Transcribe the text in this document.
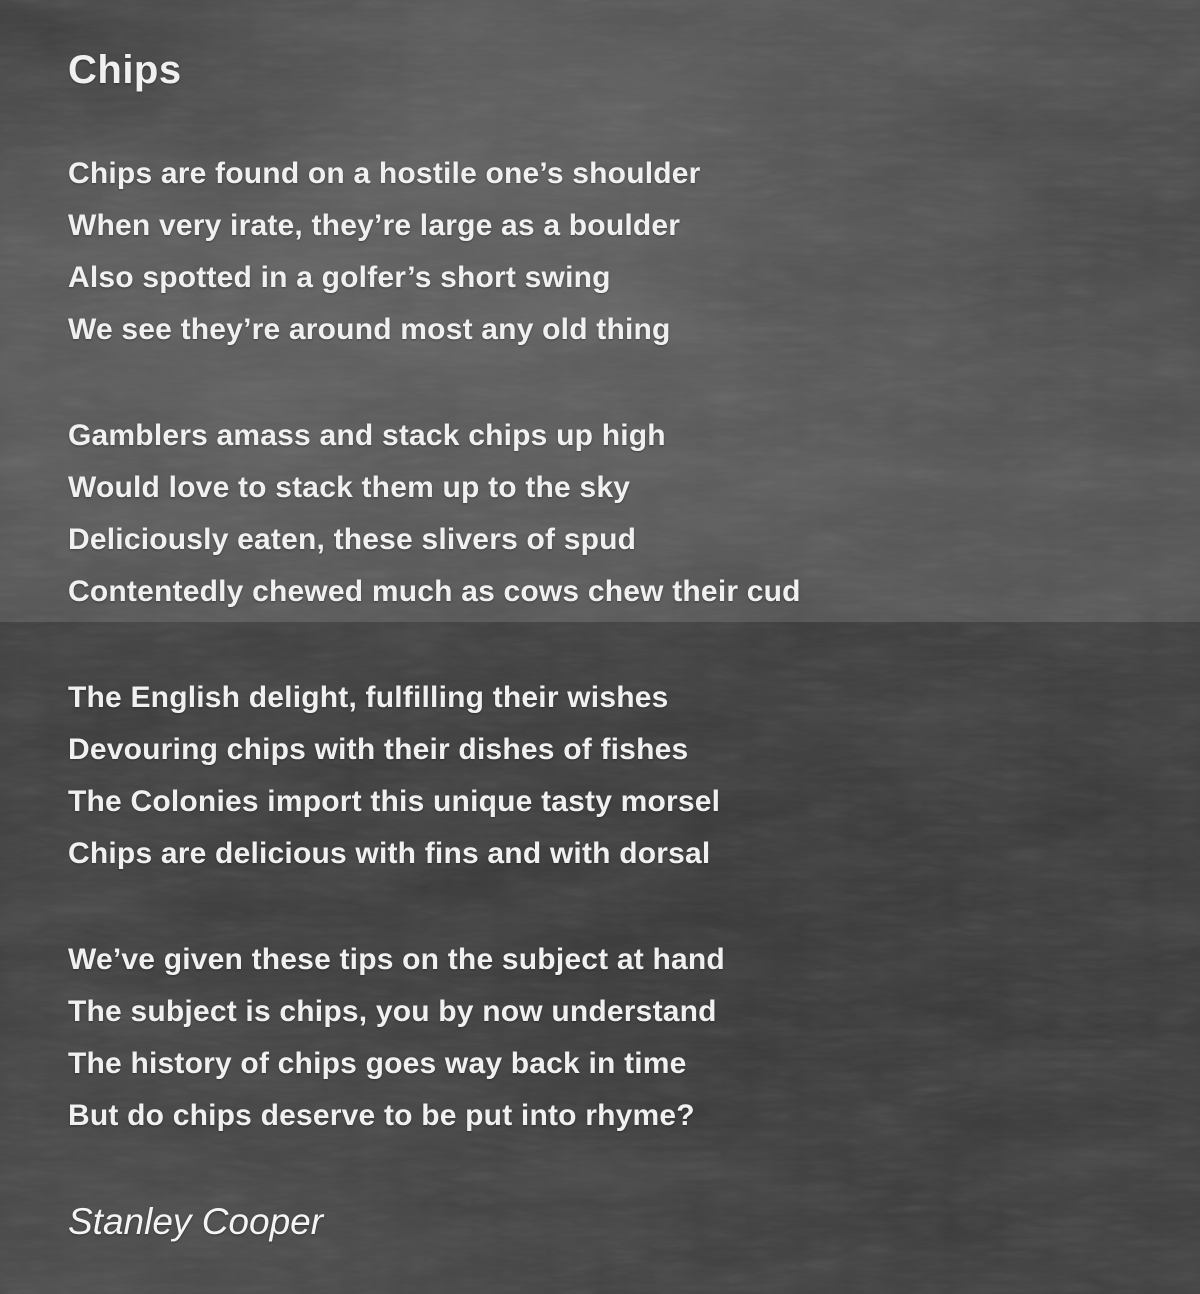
Chips

Chips are found on a hostile one’s shoulder
When very irate, they’re large as a boulder
Also spotted in a golfer’s short swing
We see they’re around most any old thing

Gamblers amass and stack chips up high
Would love to stack them up to the sky
Deliciously eaten, these slivers of spud
Contentedly chewed much as cows chew their cud

The English delight, fulfilling their wishes
Devouring chips with their dishes of fishes
The Colonies import this unique tasty morsel
Chips are delicious with fins and with dorsal

We’ve given these tips on the subject at hand
The subject is chips, you by now understand
The history of chips goes way back in time
But do chips deserve to be put into rhyme?

Stanley Cooper
